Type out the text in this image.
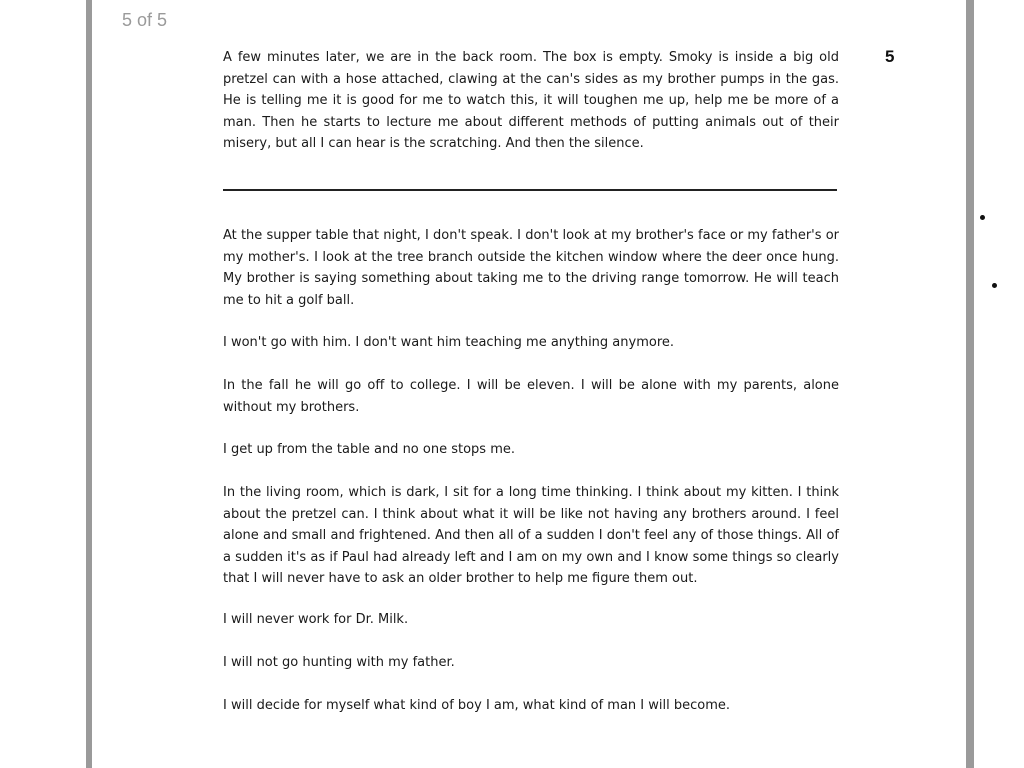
5 of 5
5

A few minutes later, we are in the back room. The box is empty. Smoky is inside a big old pretzel can with a hose attached, clawing at the can's sides as my brother pumps in the gas. He is telling me it is good for me to watch this, it will toughen me up, help me be more of a man. Then he starts to lecture me about different methods of putting animals out of their misery, but all I can hear is the scratching. And then the silence.

At the supper table that night, I don't speak. I don't look at my brother's face or my father's or my mother's. I look at the tree branch outside the kitchen window where the deer once hung. My brother is saying something about taking me to the driving range tomorrow. He will teach me to hit a golf ball.

I won't go with him. I don't want him teaching me anything anymore.

In the fall he will go off to college. I will be eleven. I will be alone with my parents, alone without my brothers.

I get up from the table and no one stops me.

In the living room, which is dark, I sit for a long time thinking. I think about my kitten. I think about the pretzel can. I think about what it will be like not having any brothers around. I feel alone and small and frightened. And then all of a sudden I don't feel any of those things. All of a sudden it's as if Paul had already left and I am on my own and I know some things so clearly that I will never have to ask an older brother to help me figure them out.

I will never work for Dr. Milk.

I will not go hunting with my father.

I will decide for myself what kind of boy I am, what kind of man I will become.
